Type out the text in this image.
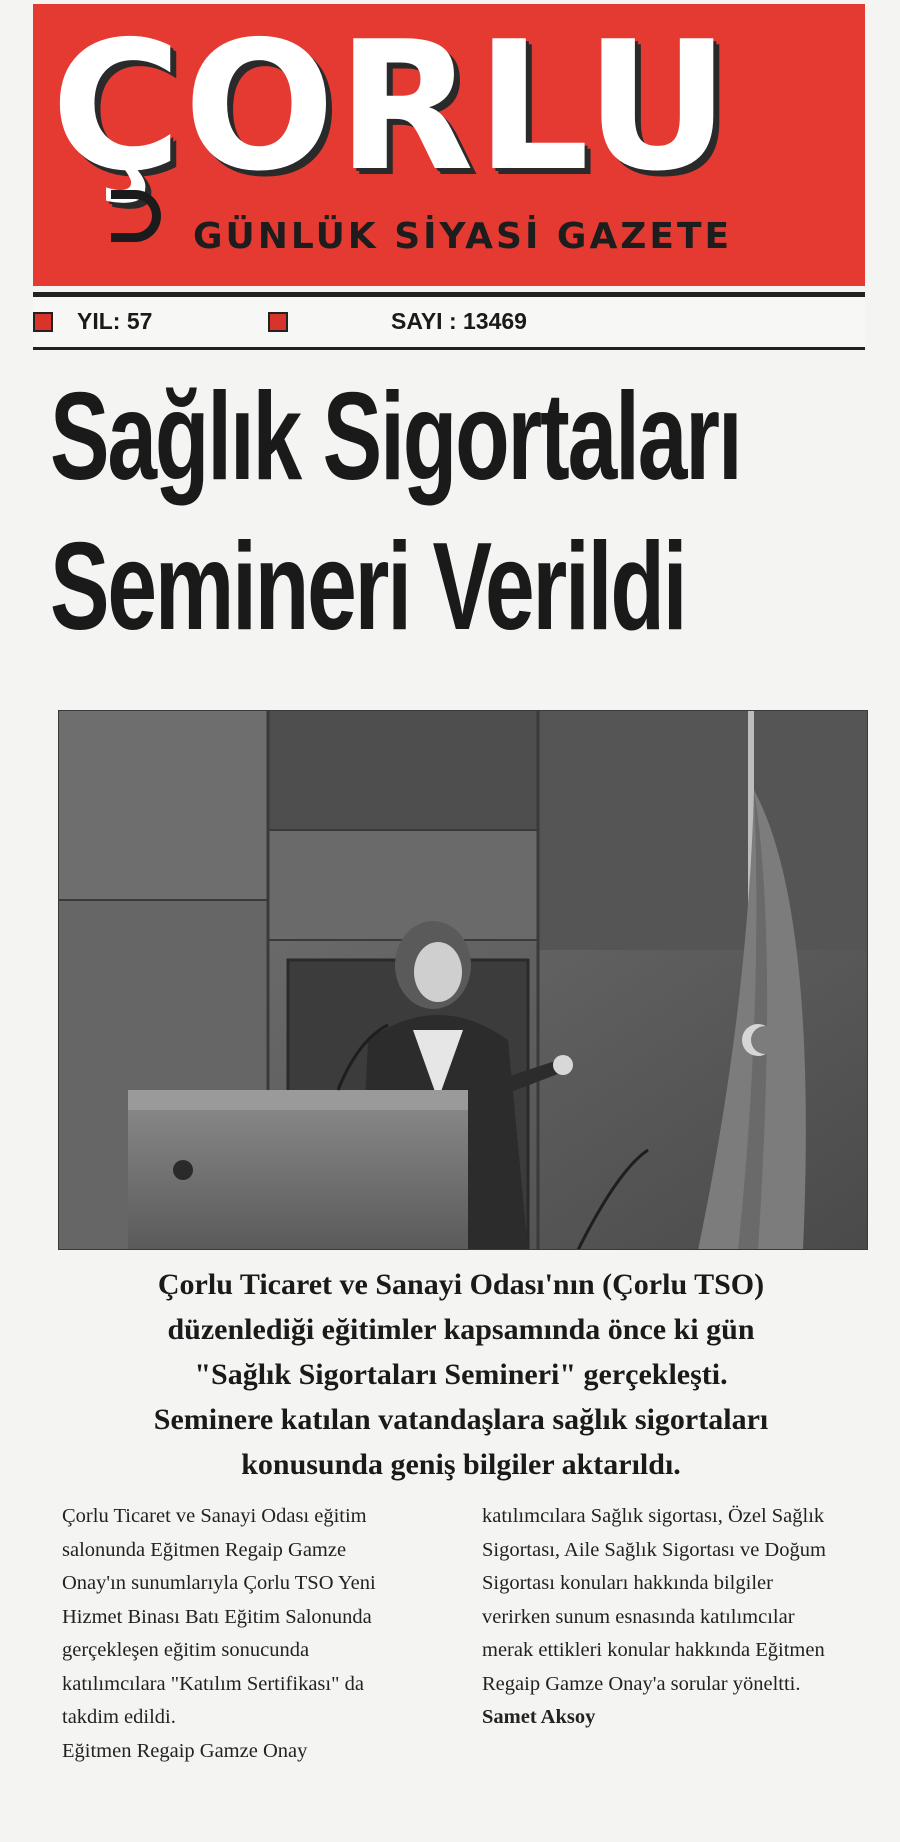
ÇORLU
GÜNLÜK SİYASİ GAZETE
YIL: 57	SAYI : 13469
Sağlık Sigortaları
Semineri Verildi
Çorlu Ticaret ve Sanayi Odası'nın (Çorlu TSO)
düzenlediği eğitimler kapsamında önce ki gün
"Sağlık Sigortaları Semineri" gerçekleşti.
Seminere katılan vatandaşlara sağlık sigortaları
konusunda geniş bilgiler aktarıldı.
Çorlu Ticaret ve Sanayi Odası eğitim
salonunda Eğitmen Regaip Gamze
Onay'ın sunumlarıyla Çorlu TSO Yeni
Hizmet Binası Batı Eğitim Salonunda
gerçekleşen eğitim sonucunda
katılımcılara "Katılım Sertifikası" da
takdim edildi.
Eğitmen Regaip Gamze Onay
katılımcılara Sağlık sigortası, Özel Sağlık
Sigortası, Aile Sağlık Sigortası ve Doğum
Sigortası konuları hakkında bilgiler
verirken sunum esnasında katılımcılar
merak ettikleri konular hakkında Eğitmen
Regaip Gamze Onay'a sorular yöneltti.
Samet Aksoy
